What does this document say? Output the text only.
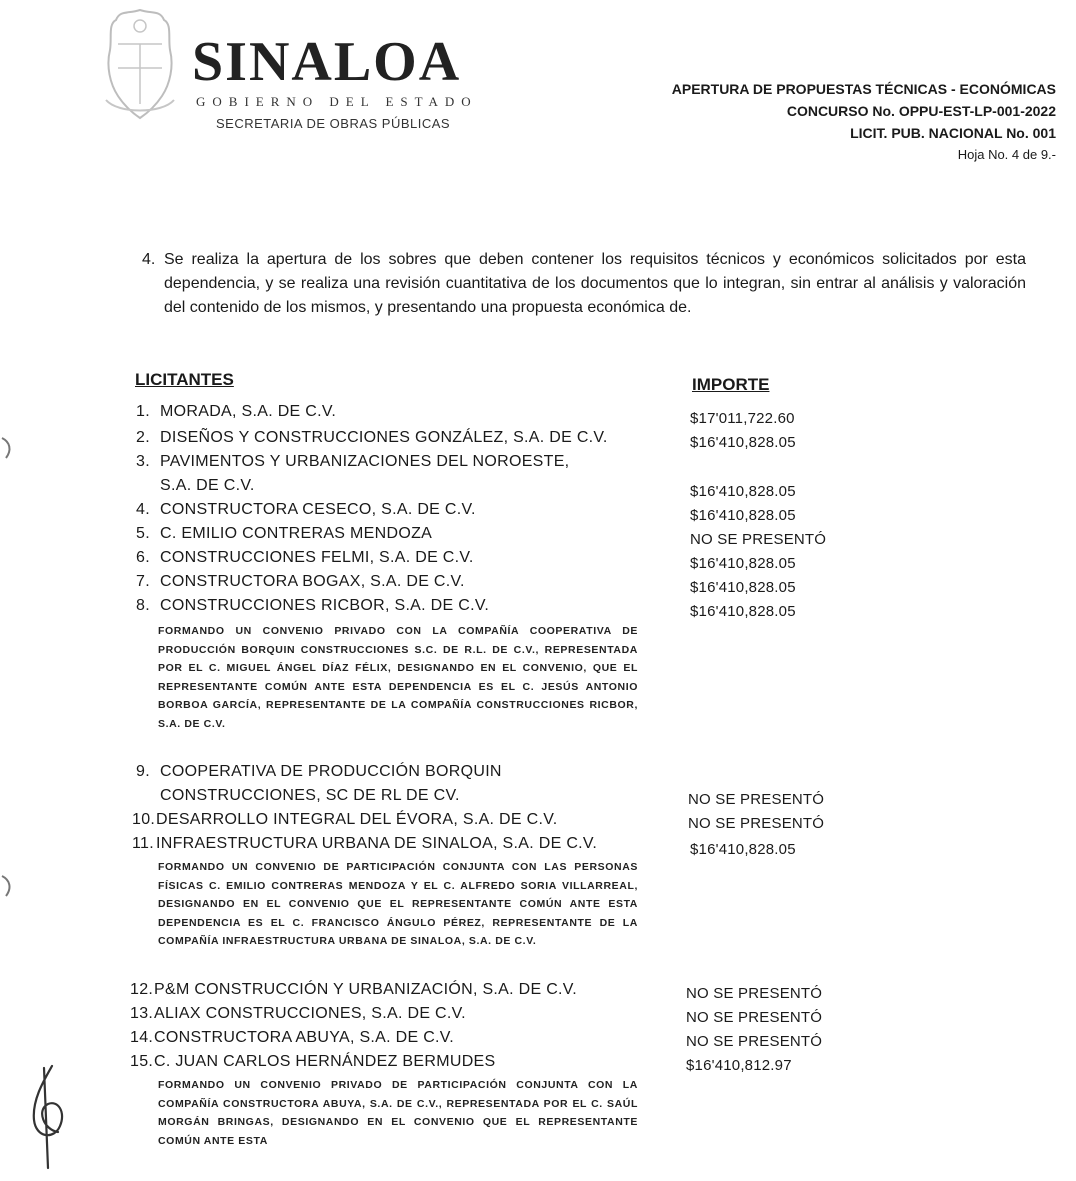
SINALOA
GOBIERNO DEL ESTADO
SECRETARIA DE OBRAS PÚBLICAS
APERTURA DE PROPUESTAS TÉCNICAS - ECONÓMICAS
CONCURSO No. OPPU-EST-LP-001-2022
LICIT. PUB. NACIONAL No. 001
Hoja No. 4 de 9.-
4. Se realiza la apertura de los sobres que deben contener los requisitos técnicos y económicos solicitados por esta dependencia, y se realiza una revisión cuantitativa de los documentos que lo integran, sin entrar al análisis y valoración del contenido de los mismos, y presentando una propuesta económica de.
LICITANTES	IMPORTE
1. MORADA, S.A. DE C.V.	$17'011,722.60
2. DISEÑOS Y CONSTRUCCIONES GONZÁLEZ, S.A. DE C.V.	$16'410,828.05
3. PAVIMENTOS Y URBANIZACIONES DEL NOROESTE,
S.A. DE C.V.	$16'410,828.05
4. CONSTRUCTORA CESECO, S.A. DE C.V.	$16'410,828.05
5. C. EMILIO CONTRERAS MENDOZA	NO SE PRESENTÓ
6. CONSTRUCCIONES FELMI, S.A. DE C.V.	$16'410,828.05
7. CONSTRUCTORA BOGAX, S.A. DE C.V.	$16'410,828.05
8. CONSTRUCCIONES RICBOR, S.A. DE C.V.	$16'410,828.05
FORMANDO UN CONVENIO PRIVADO CON LA COMPAÑÍA COOPERATIVA DE PRODUCCIÓN BORQUIN CONSTRUCCIONES S.C. DE R.L. DE C.V., REPRESENTADA POR EL C. MIGUEL ÁNGEL DÍAZ FÉLIX, DESIGNANDO EN EL CONVENIO, QUE EL REPRESENTANTE COMÚN ANTE ESTA DEPENDENCIA ES EL C. JESÚS ANTONIO BORBOA GARCÍA, REPRESENTANTE DE LA COMPAÑÍA CONSTRUCCIONES RICBOR, S.A. DE C.V.
9. COOPERATIVA DE PRODUCCIÓN BORQUIN
CONSTRUCCIONES, SC DE RL DE CV.	NO SE PRESENTÓ
10.DESARROLLO INTEGRAL DEL ÉVORA, S.A. DE C.V.	NO SE PRESENTÓ
11. INFRAESTRUCTURA URBANA DE SINALOA, S.A. DE C.V.	$16'410,828.05
FORMANDO UN CONVENIO DE PARTICIPACIÓN CONJUNTA CON LAS PERSONAS FÍSICAS C. EMILIO CONTRERAS MENDOZA Y EL C. ALFREDO SORIA VILLARREAL, DESIGNANDO EN EL CONVENIO QUE EL REPRESENTANTE COMÚN ANTE ESTA DEPENDENCIA ES EL C. FRANCISCO ÁNGULO PÉREZ, REPRESENTANTE DE LA COMPAÑÍA INFRAESTRUCTURA URBANA DE SINALOA, S.A. DE C.V.
12.P&M CONSTRUCCIÓN Y URBANIZACIÓN, S.A. DE C.V.	NO SE PRESENTÓ
13.ALIAX CONSTRUCCIONES, S.A. DE C.V.	NO SE PRESENTÓ
14.CONSTRUCTORA ABUYA, S.A. DE C.V.	NO SE PRESENTÓ
15.C. JUAN CARLOS HERNÁNDEZ BERMUDES	$16'410,812.97
FORMANDO UN CONVENIO PRIVADO DE PARTICIPACIÓN CONJUNTA CON LA COMPAÑÍA CONSTRUCTORA ABUYA, S.A. DE C.V., REPRESENTADA POR EL C. SAÚL MORGÁN BRINGAS, DESIGNANDO EN EL CONVENIO QUE EL REPRESENTANTE COMÚN ANTE ESTA
